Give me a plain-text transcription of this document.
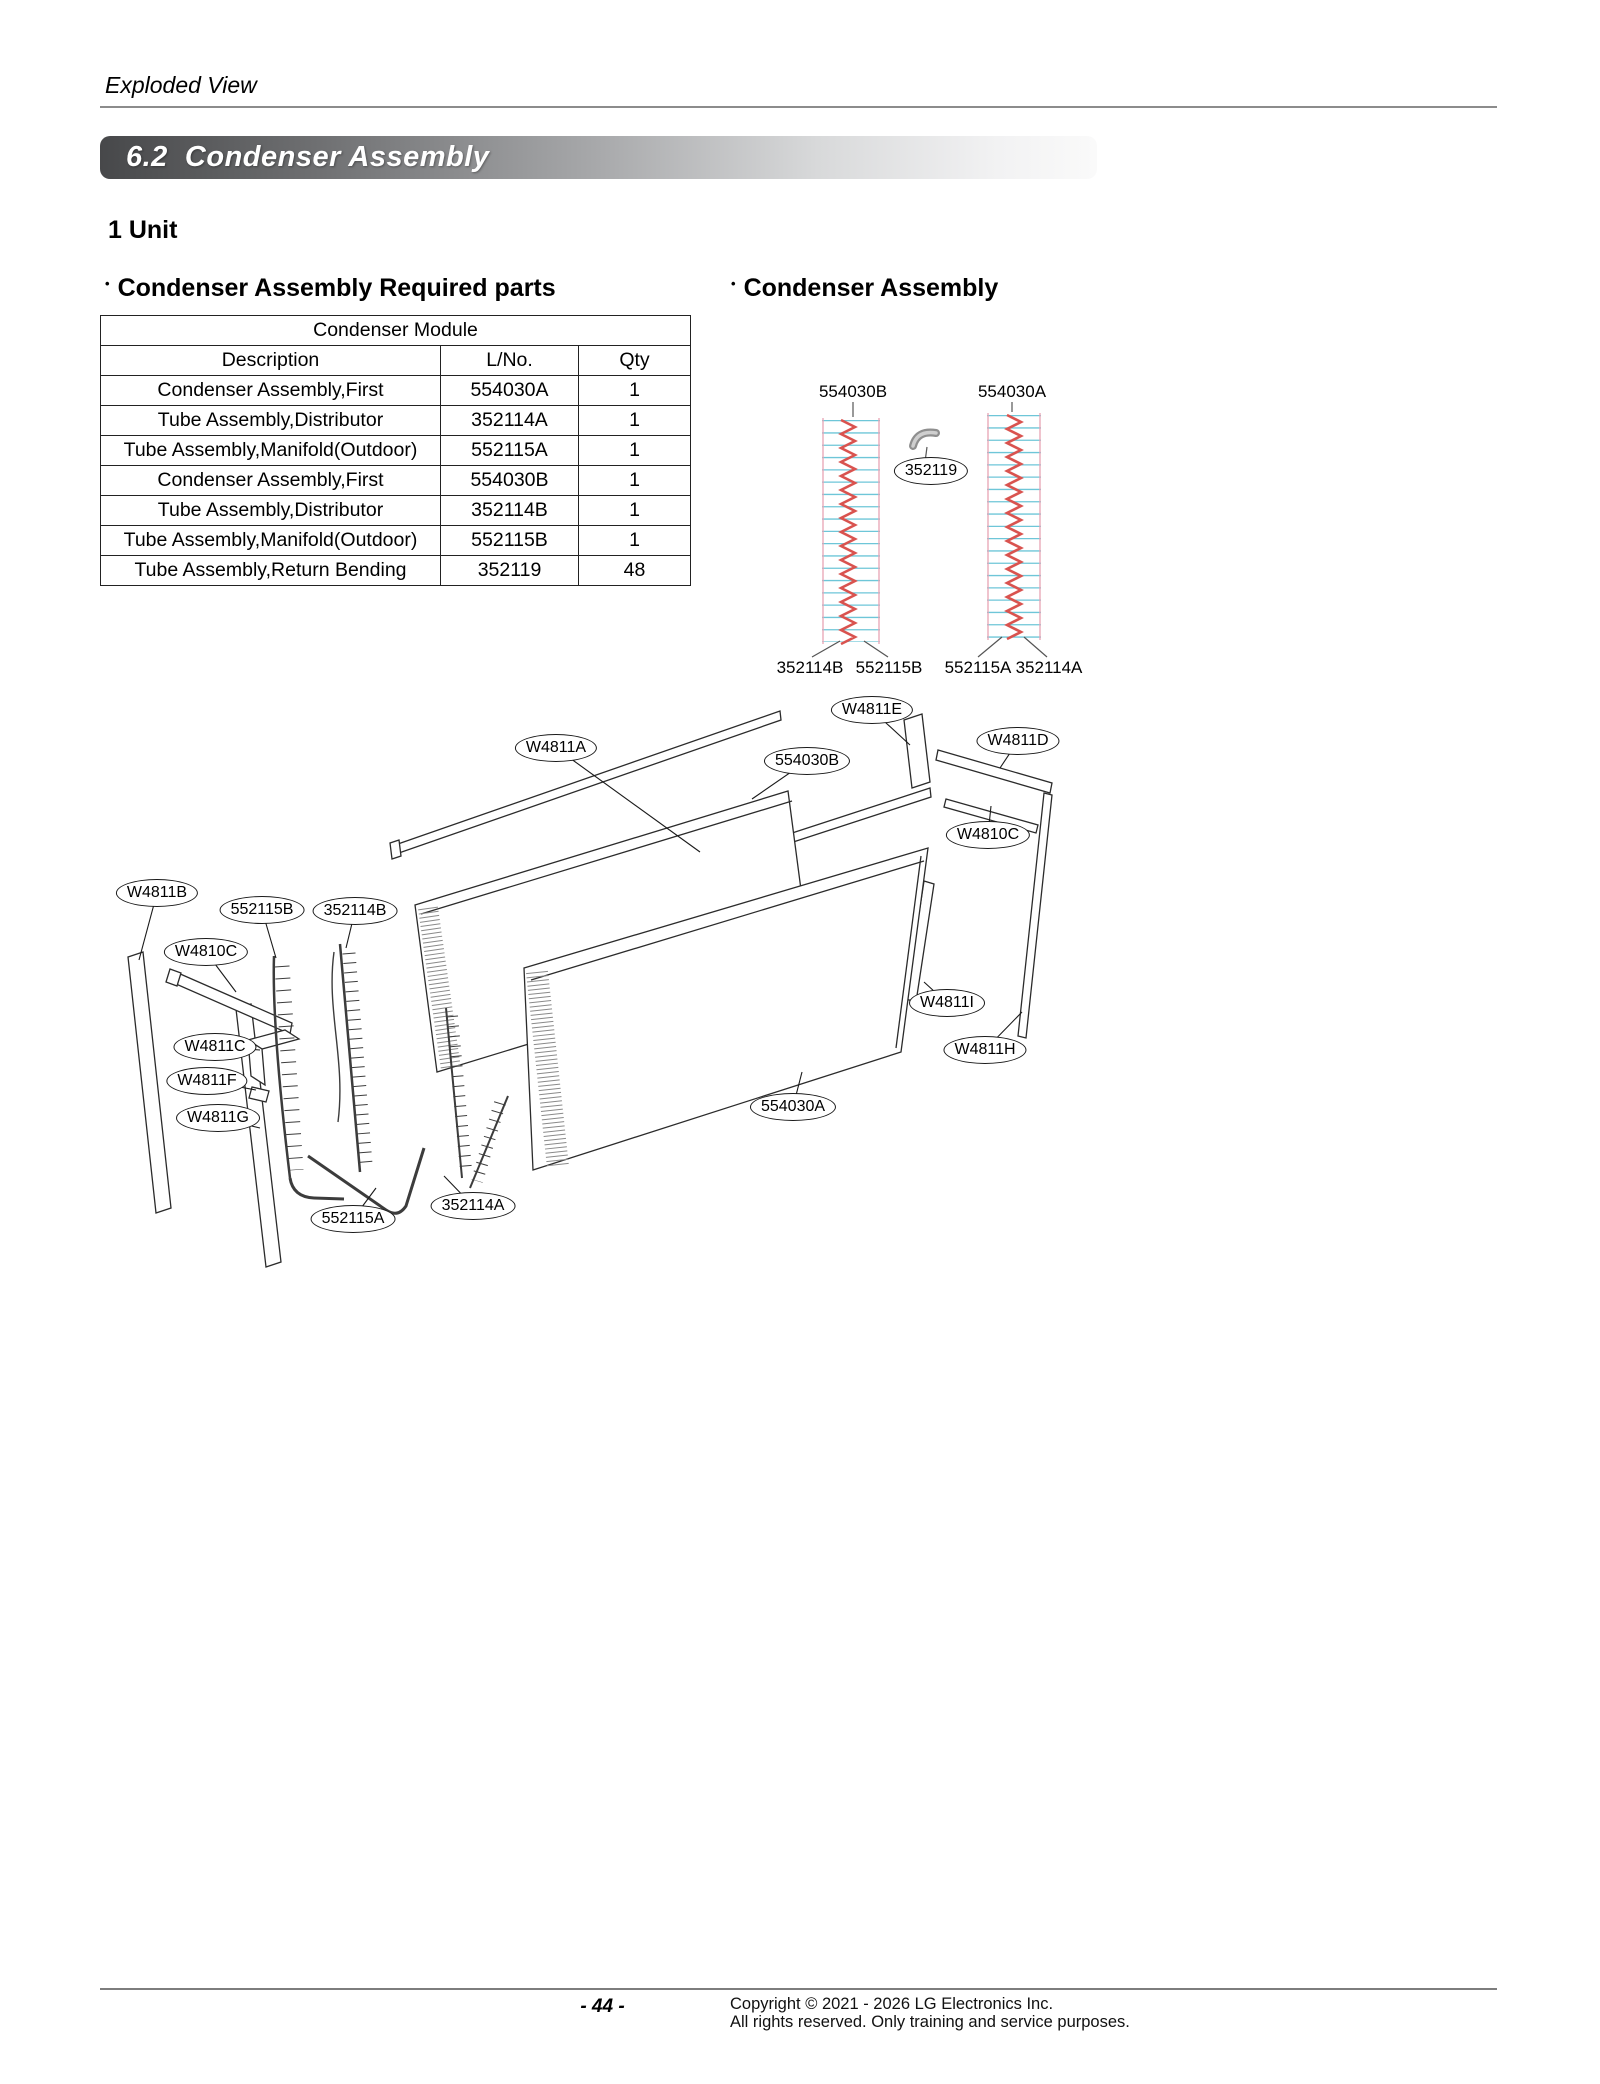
Exploded View
6.2  Condenser Assembly
1 Unit
• Condenser Assembly Required parts	• Condenser Assembly
Condenser Module		
Description	L/No.	Qty
Condenser Assembly,First	554030A	1
Tube Assembly,Distributor	352114A	1
Tube Assembly,Manifold(Outdoor)	552115A	1
Condenser Assembly,First	554030B	1
Tube Assembly,Distributor	352114B	1
Tube Assembly,Manifold(Outdoor)	552115B	1
Tube Assembly,Return Bending	352119	48
554030B	554030A
352119
352114B 552115B 552115A 352114A
W4811E
W4811A
554030B
W4811D
W4810C
W4811B
552115B	352114B
W4810C
W4811C
W4811F
W4811G
W4811I
W4811H
554030A
552115A
352114A
- 44 -	Copyright © 2021 - 2026 LG Electronics Inc.
All rights reserved. Only training and service purposes.
